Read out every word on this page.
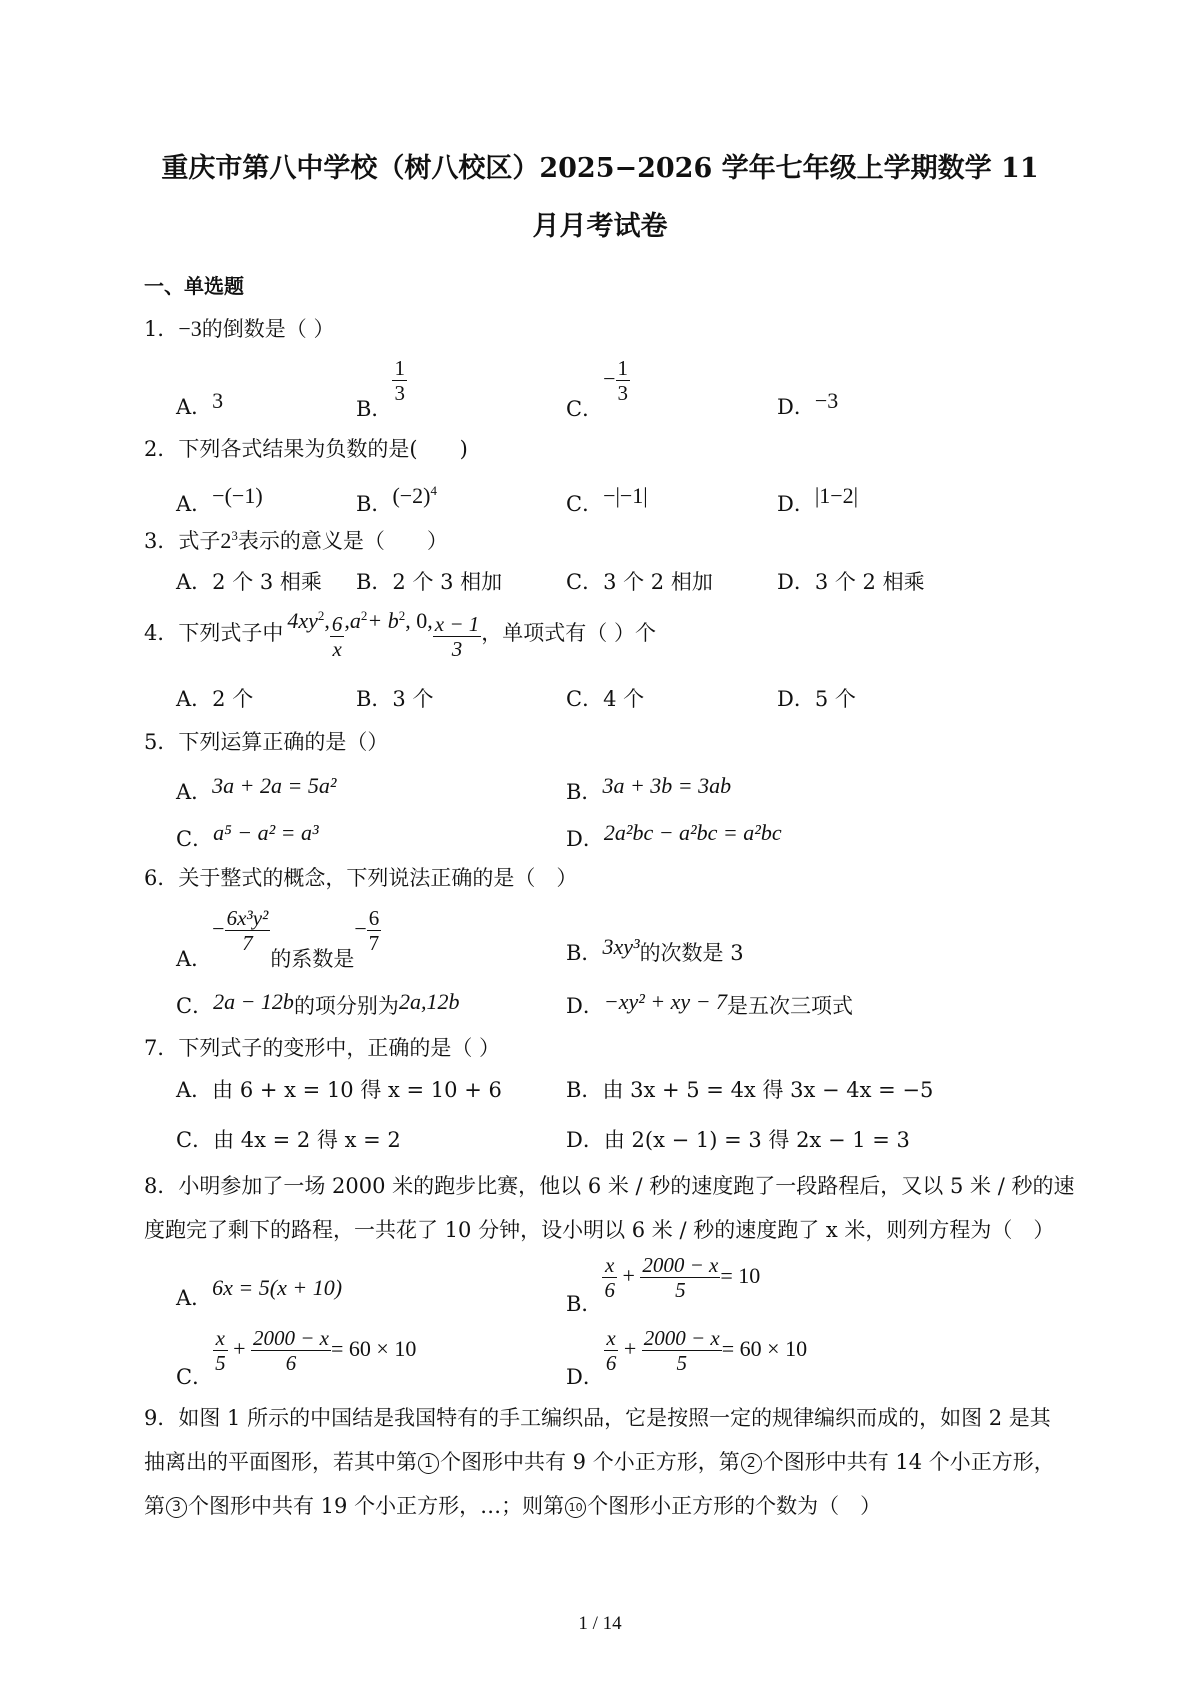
重庆市第八中学校（树八校区）2025−2026 学年七年级上学期数学 11
月月考试卷
一、单选题
1．−3的倒数是（ ）
A．3	B．
$\frac{1}{3}$
C．− $\frac{1}{3}$
D．−3
2．下列各式结果为负数的是(　　)
A．−(−1)	B．$(-2)^4$
C．−|−1|	D．|1−2|
3．式子$2^3$表示的意义是（　　）
A．2 个 3 相乘 B．2 个 3 相加	C．3 个 2 相加	D．3 个 2 相乘
4．下列式子中 $4xy^2$, $\frac{6}{x} ,a^2+ b^2$, 0, $\frac{x - 1}{3}$ ，单项式有（ ）个
A．2 个	B．3 个	C．4 个	D．5 个
5．下列运算正确的是（）
A．3a + 2a = 5a²	B．3a + 3b = 3ab
C．a⁵ − a² = a³	D．2a²bc − a²bc = a²bc
6．关于整式的概念，下列说法正确的是（　）
A．− $\frac{\text{6x³y²}}{7}$
的系数是− $\frac{6}{7}$	B．3xy³的次数是 3
C．2a − 12b的项分别为2a,12b	D．−xy² + xy − 7是五次三项式
7．下列式子的变形中，正确的是（ ）
A．由 6 + x = 10 得 x = 10 + 6	B．由 3x + 5 = 4x 得 3x − 4x = −5
C．由 4x = 2 得 x = 2	D．由 2(x − 1) = 3 得 2x − 1 = 3
8．小明参加了一场 2000 米的跑步比赛，他以 6 米 / 秒的速度跑了一段路程后，又以 5 米 / 秒的速
度跑完了剩下的路程，一共花了 10 分钟，设小明以 6 米 / 秒的速度跑了 x 米，则列方程为（　）
A．6x = 5(x + 10)
B．
$\frac{x}{6} + \frac{2000 - x}{5} = 10$
C．
$\frac{x}{5} + \frac{2000 - x}{6} = 60 \times 10$
D．
$\frac{x}{6} + \frac{2000 - x}{5} = 60 \times 10$
9．如图 1 所示的中国结是我国特有的手工编织品，它是按照一定的规律编织而成的，如图 2 是其
抽离出的平面图形，若其中第 1 个图形中共有 9 个小正方形，第 2 个图形中共有 14 个小正方形，
第 3 个图形中共有 19 个小正方形，…；则第 10 个图形小正方形的个数为（　）
1 / 14
